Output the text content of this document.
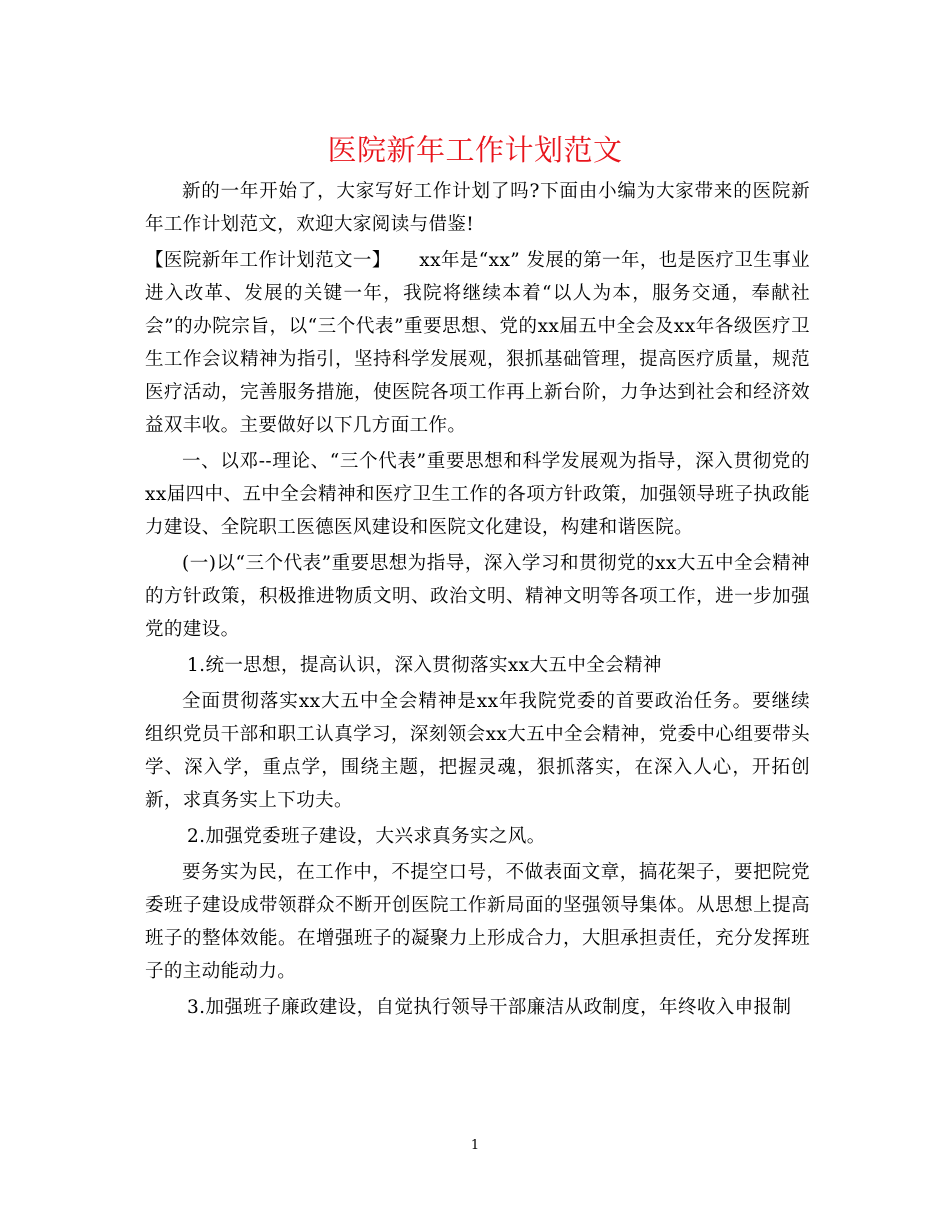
医院新年工作计划范文

新的一年开始了，大家写好工作计划了吗?下面由小编为大家带来的医院新年工作计划范文，欢迎大家阅读与借鉴!

【医院新年工作计划范文一】　　xx年是“xx” 发展的第一年，也是医疗卫生事业进入改革、发展的关键一年，我院将继续本着“以人为本，服务交通，奉献社会”的办院宗旨，以“三个代表”重要思想、党的xx届五中全会及xx年各级医疗卫生工作会议精神为指引，坚持科学发展观，狠抓基础管理，提高医疗质量，规范医疗活动，完善服务措施，使医院各项工作再上新台阶，力争达到社会和经济效益双丰收。主要做好以下几方面工作。

一、以邓--理论、“三个代表”重要思想和科学发展观为指导，深入贯彻党的xx届四中、五中全会精神和医疗卫生工作的各项方针政策，加强领导班子执政能力建设、全院职工医德医风建设和医院文化建设，构建和谐医院。

(一)以“三个代表”重要思想为指导，深入学习和贯彻党的xx大五中全会精神的方针政策，积极推进物质文明、政治文明、精神文明等各项工作，进一步加强党的建设。

1.统一思想，提高认识，深入贯彻落实xx大五中全会精神

全面贯彻落实xx大五中全会精神是xx年我院党委的首要政治任务。要继续组织党员干部和职工认真学习，深刻领会xx大五中全会精神，党委中心组要带头学、深入学，重点学，围绕主题，把握灵魂，狠抓落实，在深入人心，开拓创新，求真务实上下功夫。

2.加强党委班子建设，大兴求真务实之风。

要务实为民，在工作中，不提空口号，不做表面文章，搞花架子，要把院党委班子建设成带领群众不断开创医院工作新局面的坚强领导集体。从思想上提高班子的整体效能。在增强班子的凝聚力上形成合力，大胆承担责任，充分发挥班子的主动能动力。

3.加强班子廉政建设，自觉执行领导干部廉洁从政制度，年终收入申报制

1
